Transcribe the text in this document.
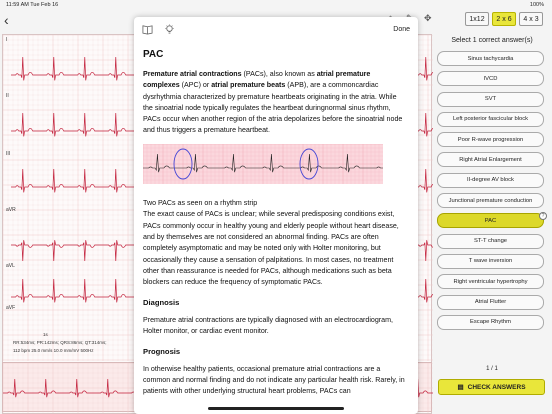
11:59 AM Tue Feb 16	100%
‹	✥	1x12	2 x 6	4 x 3
I
II
III
aVR
aVL
aVF
1s
RR:534ms; PR:142ms; QRS:86ms; QT:314ms;
112 bpm 25.0 mm/s 10.0 mm/mV 500Hz
Done
PAC

Premature atrial contractions (PACs), also known as atrial premature complexes (APC) or atrial premature beats (APB), are a commoncardiac dysrhythmia characterized by premature heartbeats originating in the atria. While the sinoatrial node typically regulates the heartbeat duringnormal sinus rhythm, PACs occur when another region of the atria depolarizes before the sinoatrial node and thus triggers a premature heartbeat.

Two PACs as seen on a rhythm strip

The exact cause of PACs is unclear; while several predisposing conditions exist, PACs commonly occur in healthy young and elderly people without heart disease, and by themselves are not considered an abnormal finding. PACs are often completely asymptomatic and may be noted only with Holter monitoring, but occasionally they cause a sensation of palpitations. In most cases, no treatment other than reassurance is needed for PACs, although medications such as beta blockers can reduce the frequency of symptomatic PACs.

Diagnosis

Premature atrial contractions are typically diagnosed with an electrocardiogram, Holter monitor, or cardiac event monitor.

Prognosis

In otherwise healthy patients, occasional premature atrial contractions are a common and normal finding and do not indicate any particular health risk. Rarely, in patients with other underlying structural heart problems, PACs can

Select 1 correct answer(s)
Sinus tachycardia
IVCD
SVT
Left posterior fascicular block
Poor R-wave progression
Right Atrial Enlargement
II-degree AV block
Junctional premature conduction
PAC
ST-T change
T wave inversion
Right ventricular hypertrophy
Atrial Flutter
Escape Rhythm
?
1 / 1
▤ CHECK ANSWERS
